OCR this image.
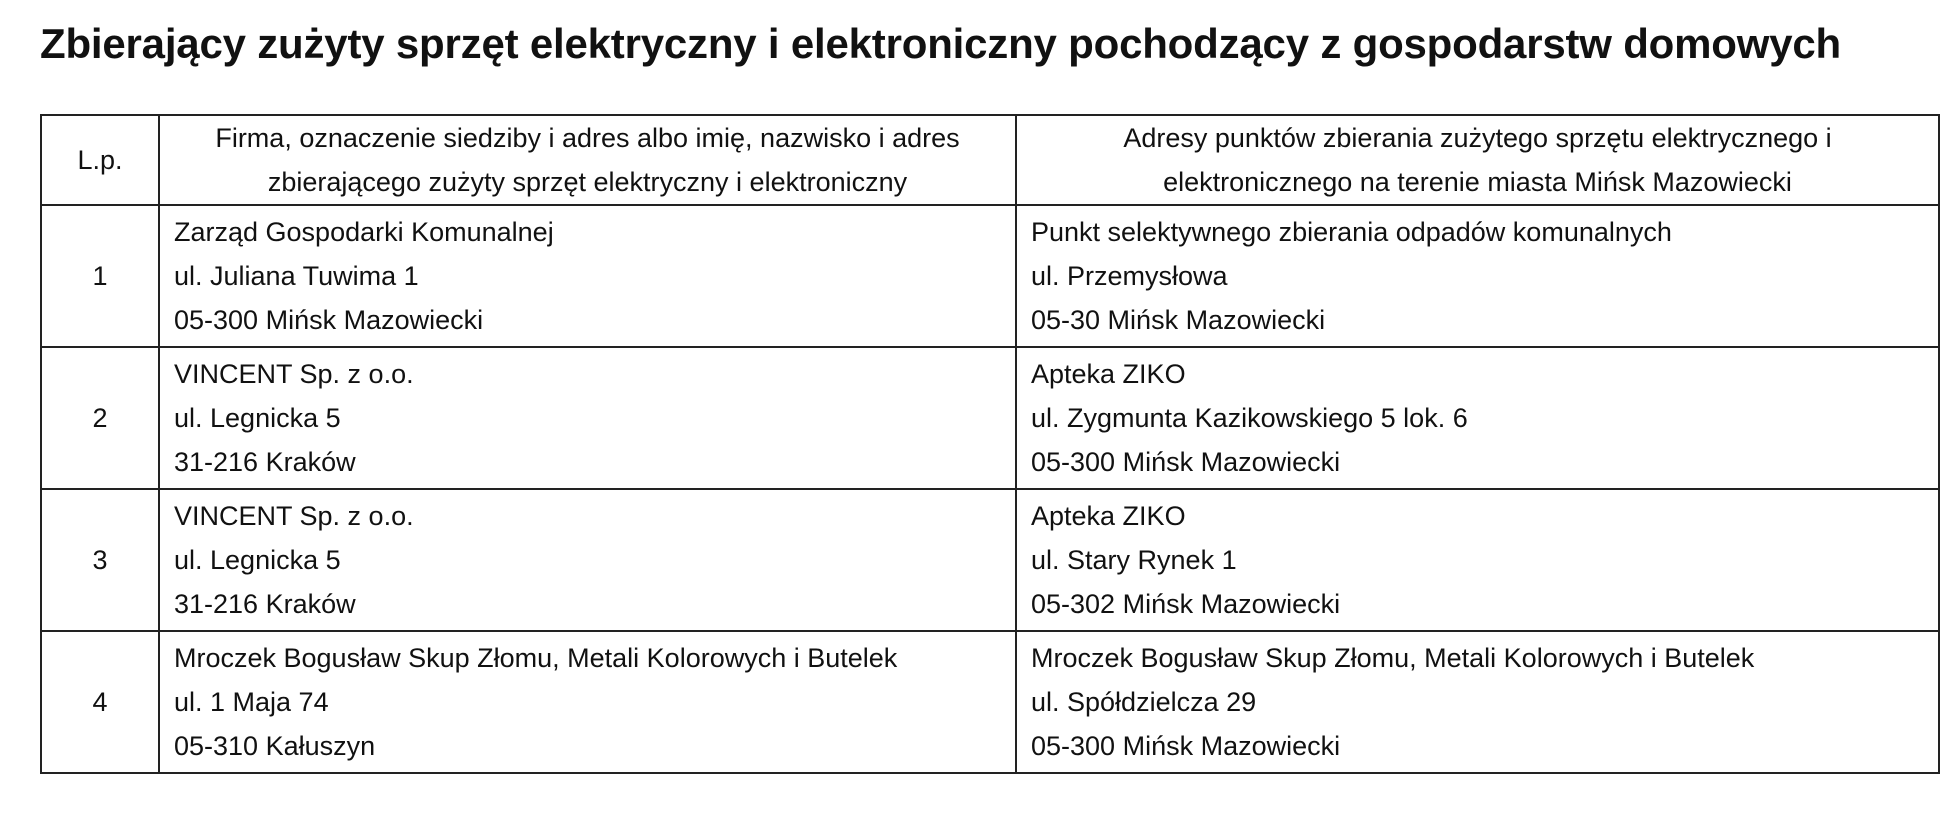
Zbierający zużyty sprzęt elektryczny i elektroniczny pochodzący z gospodarstw domowych
L.p.	Firma, oznaczenie siedziby i adres albo imię, nazwisko i adres
zbierającego zużyty sprzęt elektryczny i elektroniczny	Adresy punktów zbierania zużytego sprzętu elektrycznego i
elektronicznego na terenie miasta Mińsk Mazowiecki

1	Zarząd Gospodarki Komunalnej
ul. Juliana Tuwima 1
05-300 Mińsk Mazowiecki	Punkt selektywnego zbierania odpadów komunalnych
ul. Przemysłowa
05-30 Mińsk Mazowiecki

2	VINCENT Sp. z o.o.
ul. Legnicka 5
31-216 Kraków	Apteka ZIKO
ul. Zygmunta Kazikowskiego 5 lok. 6
05-300 Mińsk Mazowiecki

3	VINCENT Sp. z o.o.
ul. Legnicka 5
31-216 Kraków	Apteka ZIKO
ul. Stary Rynek 1
05-302 Mińsk Mazowiecki

4	Mroczek Bogusław Skup Złomu, Metali Kolorowych i Butelek
ul. 1 Maja 74
05-310 Kałuszyn	Mroczek Bogusław Skup Złomu, Metali Kolorowych i Butelek
ul. Spółdzielcza 29
05-300 Mińsk Mazowiecki
